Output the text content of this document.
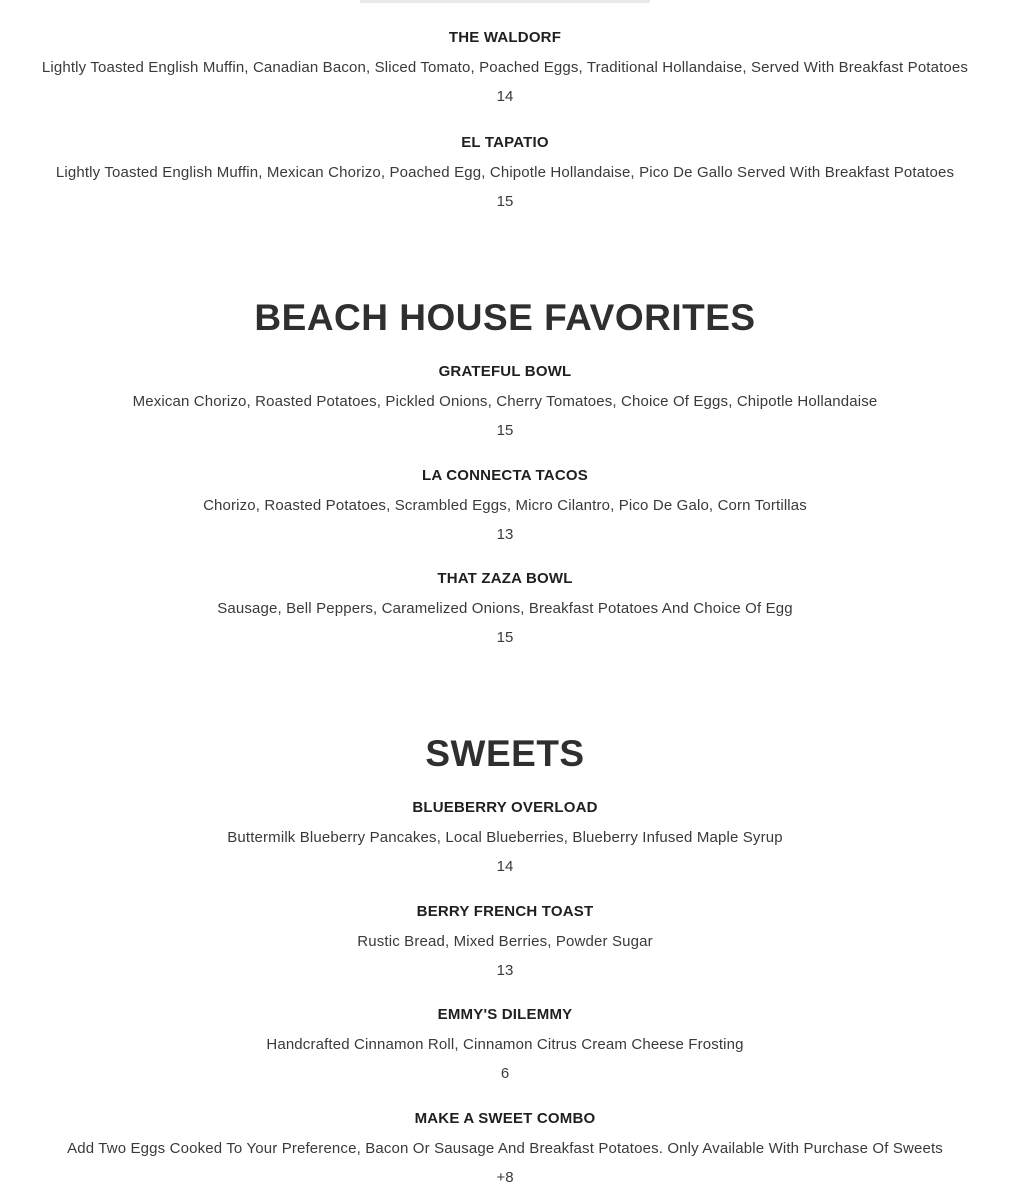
THE WALDORF
Lightly Toasted English Muffin, Canadian Bacon, Sliced Tomato, Poached Eggs, Traditional Hollandaise, Served With Breakfast Potatoes
14
EL TAPATIO
Lightly Toasted English Muffin, Mexican Chorizo, Poached Egg, Chipotle Hollandaise, Pico De Gallo Served With Breakfast Potatoes
15
BEACH HOUSE FAVORITES
GRATEFUL BOWL
Mexican Chorizo, Roasted Potatoes, Pickled Onions, Cherry Tomatoes, Choice Of Eggs, Chipotle Hollandaise
15
LA CONNECTA TACOS
Chorizo, Roasted Potatoes, Scrambled Eggs, Micro Cilantro, Pico De Galo, Corn Tortillas
13
THAT ZAZA BOWL
Sausage, Bell Peppers, Caramelized Onions, Breakfast Potatoes And Choice Of Egg
15
SWEETS
BLUEBERRY OVERLOAD
Buttermilk Blueberry Pancakes, Local Blueberries, Blueberry Infused Maple Syrup
14
BERRY FRENCH TOAST
Rustic Bread, Mixed Berries, Powder Sugar
13
EMMY'S DILEMMY
Handcrafted Cinnamon Roll, Cinnamon Citrus Cream Cheese Frosting
6
MAKE A SWEET COMBO
Add Two Eggs Cooked To Your Preference, Bacon Or Sausage And Breakfast Potatoes. Only Available With Purchase Of Sweets
+8
